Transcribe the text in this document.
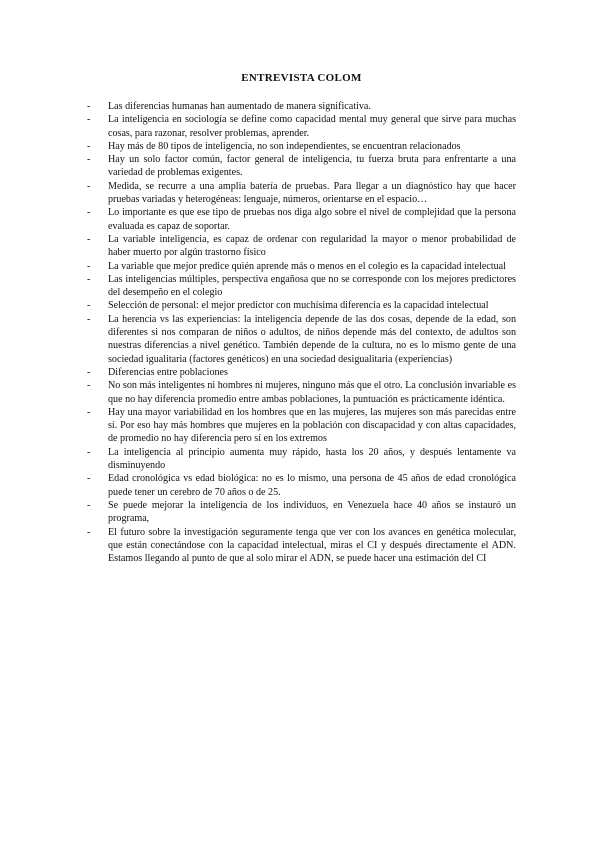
ENTREVISTA COLOM
- Las diferencias humanas han aumentado de manera significativa.
- La inteligencia en sociología se define como capacidad mental muy general que sirve para muchas cosas, para razonar, resolver problemas, aprender.
- Hay más de 80 tipos de inteligencia, no son independientes, se encuentran relacionados
- Hay un solo factor común, factor general de inteligencia, tu fuerza bruta para enfrentarte a una variedad de problemas exigentes.
- Medida, se recurre a una amplia batería de pruebas. Para llegar a un diagnóstico hay que hacer pruebas variadas y heterogéneas: lenguaje, números, orientarse en el espacio…
- Lo importante es que ese tipo de pruebas nos diga algo sobre el nivel de complejidad que la persona evaluada es capaz de soportar.
- La variable inteligencia, es capaz de ordenar con regularidad la mayor o menor probabilidad de haber muerto por algún trastorno físico
- La variable que mejor predice quién aprende más o menos en el colegio es la capacidad intelectual
- Las inteligencias múltiples, perspectiva engañosa que no se corresponde con los mejores predictores del desempeño en el colegio
- Selección de personal: el mejor predictor con muchísima diferencia es la capacidad intelectual
- La herencia vs las experiencias: la inteligencia depende de las dos cosas, depende de la edad, son diferentes si nos comparan de niños o adultos, de niños depende más del contexto, de adultos son nuestras diferencias a nivel genético. También depende de la cultura, no es lo mismo gente de una sociedad igualitaria (factores genéticos) en una sociedad desigualitaria (experiencias)
- Diferencias entre poblaciones
- No son más inteligentes ni hombres ni mujeres, ninguno más que el otro. La conclusión invariable es que no hay diferencia promedio entre ambas poblaciones, la puntuación es prácticamente idéntica.
- Hay una mayor variabilidad en los hombres que en las mujeres, las mujeres son más parecidas entre sí. Por eso hay más hombres que mujeres en la población con discapacidad y con altas capacidades, de promedio no hay diferencia pero sí en los extremos
- La inteligencia al principio aumenta muy rápido, hasta los 20 años, y después lentamente va disminuyendo
- Edad cronológica vs edad biológica: no es lo mismo, una persona de 45 años de edad cronológica puede tener un cerebro de 70 años o de 25.
- Se puede mejorar la inteligencia de los individuos, en Venezuela hace 40 años se instauró un programa,
- El futuro sobre la investigación seguramente tenga que ver con los avances en genética molecular, que están conectándose con la capacidad intelectual, miras el CI y después directamente el ADN. Estamos llegando al punto de que al solo mirar el ADN, se puede hacer una estimación del CI
